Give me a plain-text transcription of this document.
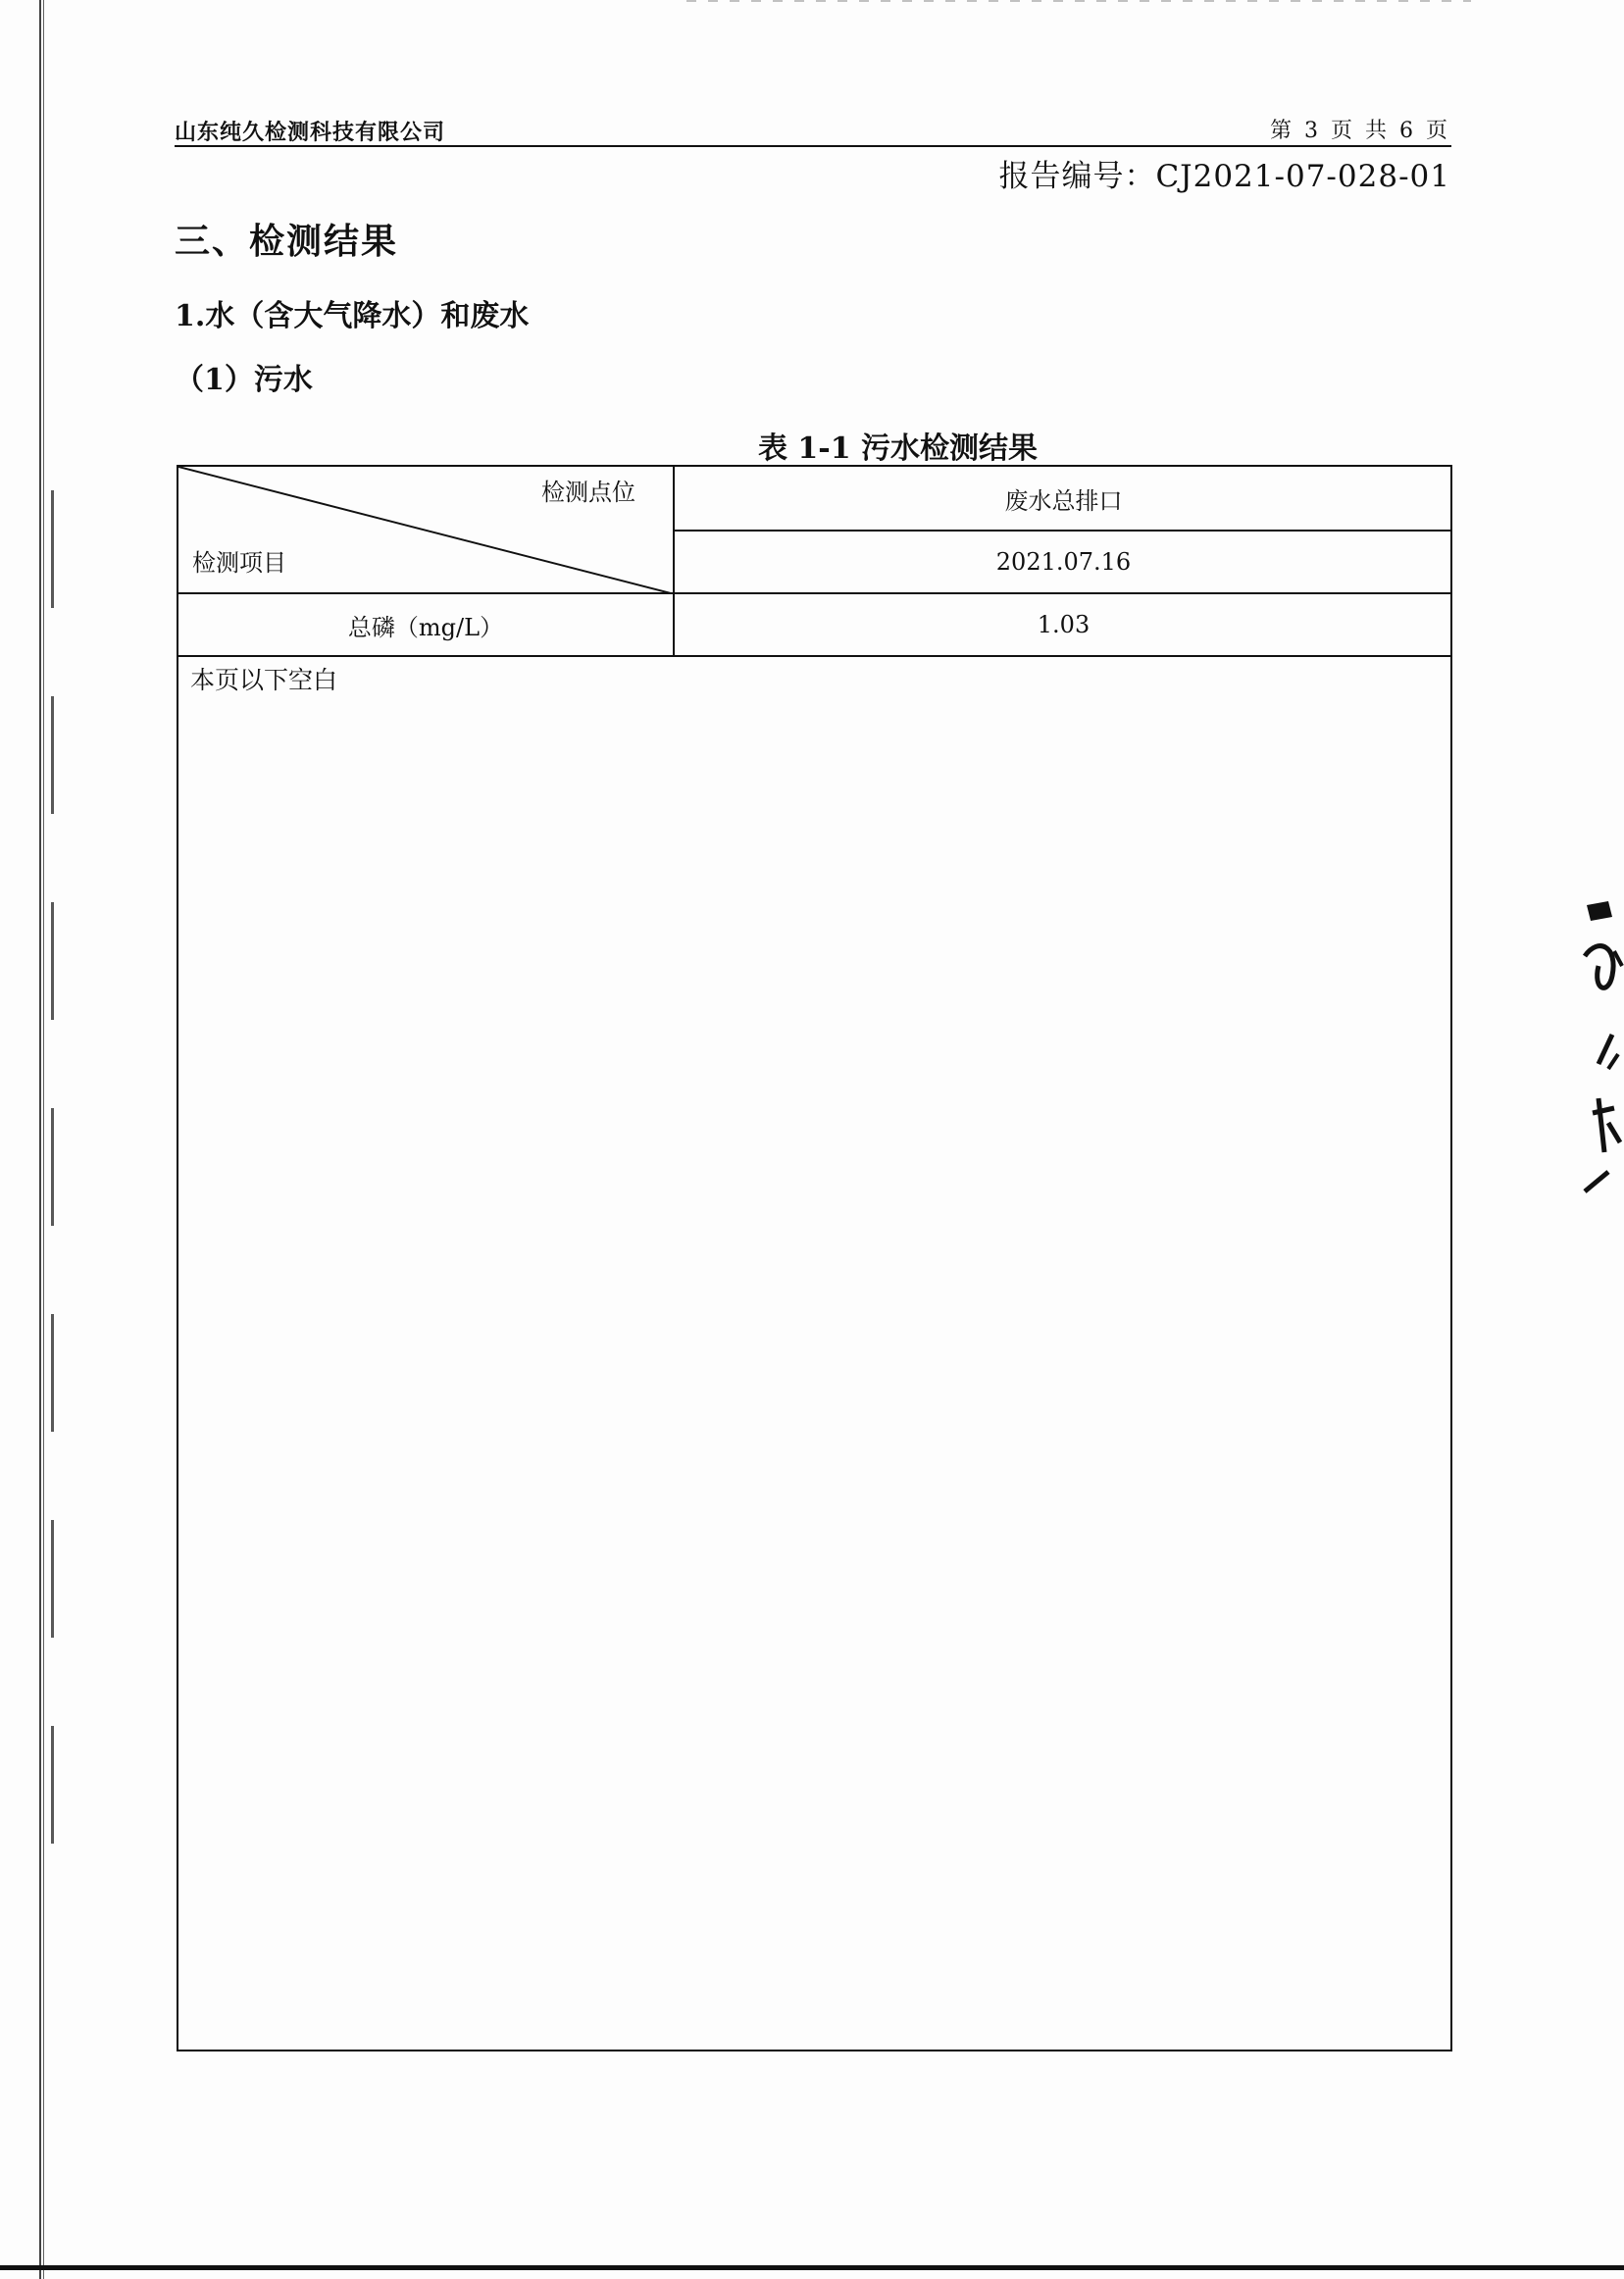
山东纯久检测科技有限公司	第 3 页 共 6 页
报告编号：CJ2021-07-028-01
三、检测结果
1.水（含大气降水）和废水
（1）污水
表 1-1 污水检测结果
检测点位
检测项目
废水总排口
2021.07.16
总磷（mg/L）	1.03
本页以下空白
